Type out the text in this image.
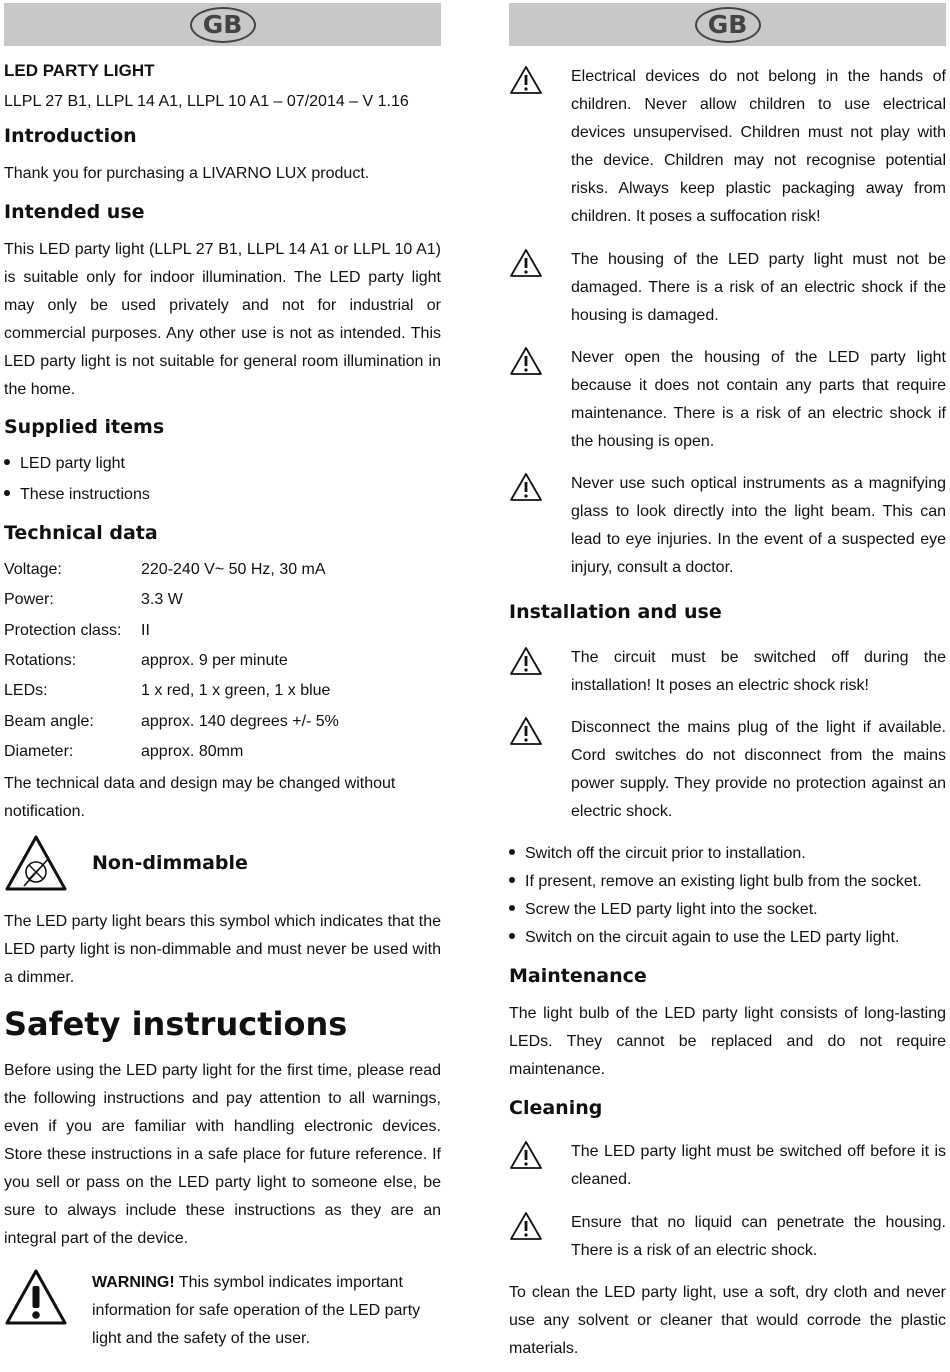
GB	GB
LED PARTY LIGHT
LLPL 27 B1, LLPL 14 A1, LLPL 10 A1 – 07/2014 – V 1.16
Introduction
Thank you for purchasing a LIVARNO LUX product.
Intended use

This LED party light (LLPL 27 B1, LLPL 14 A1 or LLPL 10 A1) is suitable only for indoor illumination. The LED party light may only be used privately and not for industrial or commercial purposes. Any other use is not as intended. This LED party light is not suitable for general room illumination in the home.

Supplied items
LED party light
These instructions
Technical data
Voltage:	220-240 V~ 50 Hz, 30 mA
Power:	3.3 W
Protection class: II
Rotations:	approx. 9 per minute
LEDs:	1 x red, 1 x green, 1 x blue
Beam angle:	approx. 140 degrees +/- 5%
Diameter:	approx. 80mm

The technical data and design may be changed without notification.

Non-dimmable

The LED party light bears this symbol which indicates that the LED party light is non-dimmable and must never be used with a dimmer.

Safety instructions

Before using the LED party light for the first time, please read the following instructions and pay attention to all warnings, even if you are familiar with handling electronic devices. Store these instructions in a safe place for future reference. If you sell or pass on the LED party light to someone else, be sure to always include these instructions as they are an integral part of the device.

WARNING! This symbol indicates important information for safe operation of the LED party light and the safety of the user.

Electrical devices do not belong in the hands of children. Never allow children to use electrical devices unsupervised. Children must not play with the device. Children may not recognise potential risks. Always keep plastic packaging away from children. It poses a suffocation risk!

The housing of the LED party light must not be damaged. There is a risk of an electric shock if the housing is damaged.

Never open the housing of the LED party light because it does not contain any parts that require maintenance. There is a risk of an electric shock if the housing is open.

Never use such optical instruments as a magnifying glass to look directly into the light beam. This can lead to eye injuries. In the event of a suspected eye injury, consult a doctor.

Installation and use

The circuit must be switched off during the installation! It poses an electric shock risk!

Disconnect the mains plug of the light if available. Cord switches do not disconnect from the mains power supply. They provide no protection against an electric shock.

Switch off the circuit prior to installation.
If present, remove an existing light bulb from the socket.
Screw the LED party light into the socket.
Switch on the circuit again to use the LED party light.
Maintenance

The light bulb of the LED party light consists of long-lasting LEDs. They cannot be replaced and do not require maintenance.

Cleaning

The LED party light must be switched off before it is cleaned.

Ensure that no liquid can penetrate the housing. There is a risk of an electric shock.

To clean the LED party light, use a soft, dry cloth and never use any solvent or cleaner that would corrode the plastic materials.
